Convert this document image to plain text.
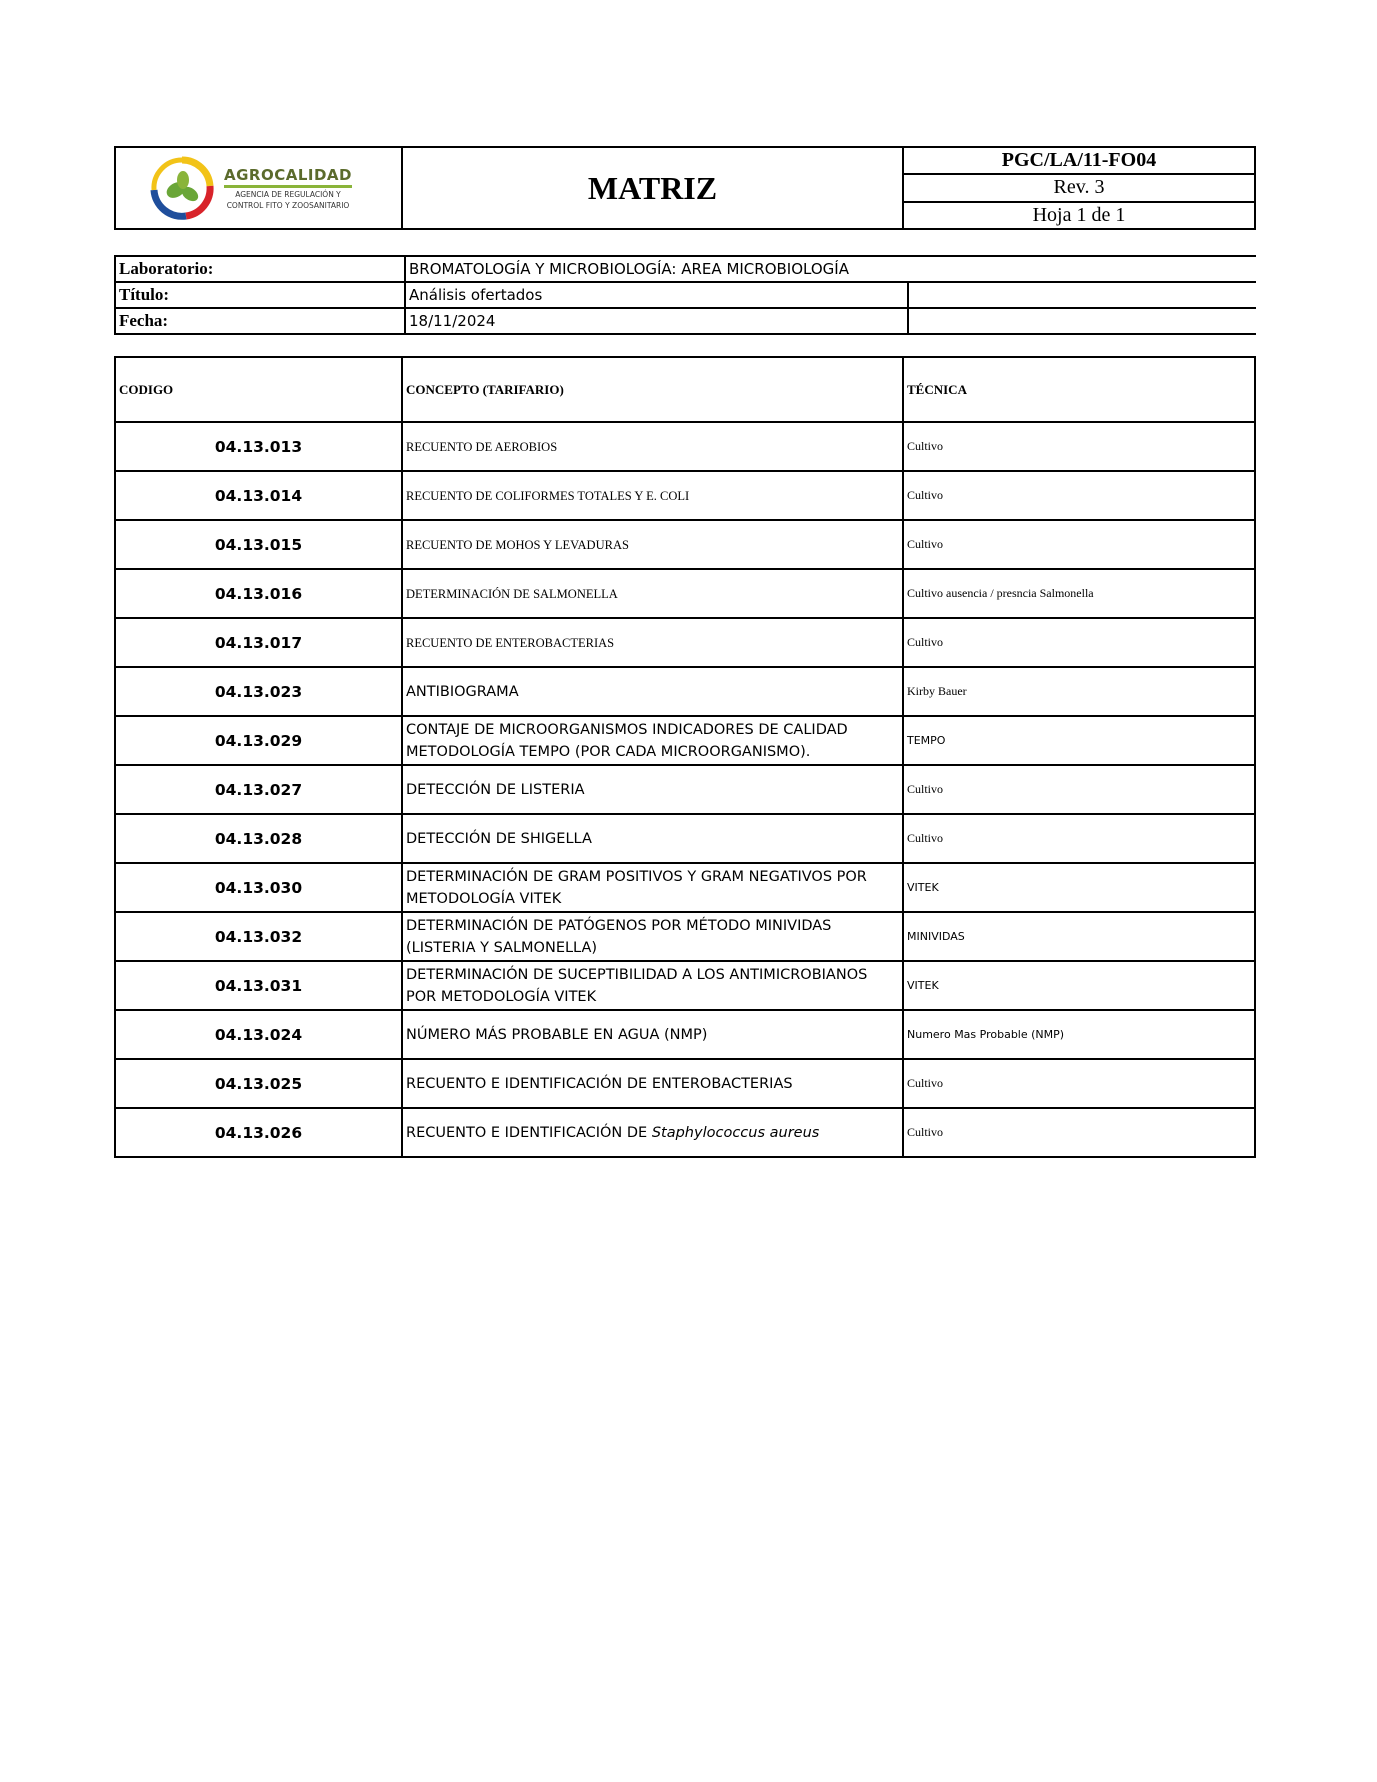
AGROCALIDAD
AGENCIA DE REGULACIÓN Y
CONTROL FITO Y ZOOSANITARIO	MATRIZ
PGC/LA/11-FO04
Rev. 3
Hoja 1 de 1
Laboratorio:	BROMATOLOGÍA Y MICROBIOLOGÍA: AREA MICROBIOLOGÍA	
Título:	Análisis ofertados	
Fecha:	18/11/2024	
CODIGO	CONCEPTO (TARIFARIO)	TÉCNICA
04.13.013	RECUENTO DE AEROBIOS	Cultivo
04.13.014	RECUENTO DE COLIFORMES TOTALES Y E. COLI	Cultivo
04.13.015	RECUENTO DE MOHOS Y LEVADURAS	Cultivo
04.13.016	DETERMINACIÓN DE SALMONELLA	Cultivo ausencia / presncia Salmonella
04.13.017	RECUENTO DE ENTEROBACTERIAS	Cultivo
04.13.023	ANTIBIOGRAMA	Kirby Bauer
04.13.029	CONTAJE DE MICROORGANISMOS INDICADORES DE CALIDAD METODOLOGÍA TEMPO (POR CADA MICROORGANISMO).	TEMPO
04.13.027	DETECCIÓN DE LISTERIA	Cultivo
04.13.028	DETECCIÓN DE SHIGELLA	Cultivo
04.13.030	DETERMINACIÓN DE GRAM POSITIVOS Y GRAM NEGATIVOS POR METODOLOGÍA VITEK	VITEK
04.13.032	DETERMINACIÓN DE PATÓGENOS POR MÉTODO MINIVIDAS (LISTERIA Y SALMONELLA)	MINIVIDAS
04.13.031	DETERMINACIÓN DE SUCEPTIBILIDAD A LOS ANTIMICROBIANOS POR METODOLOGÍA VITEK	VITEK
04.13.024	NÚMERO MÁS PROBABLE EN AGUA (NMP)	Numero Mas Probable (NMP)
04.13.025	RECUENTO E IDENTIFICACIÓN DE ENTEROBACTERIAS	Cultivo
04.13.026	RECUENTO E IDENTIFICACIÓN DE Staphylococcus aureus	Cultivo
